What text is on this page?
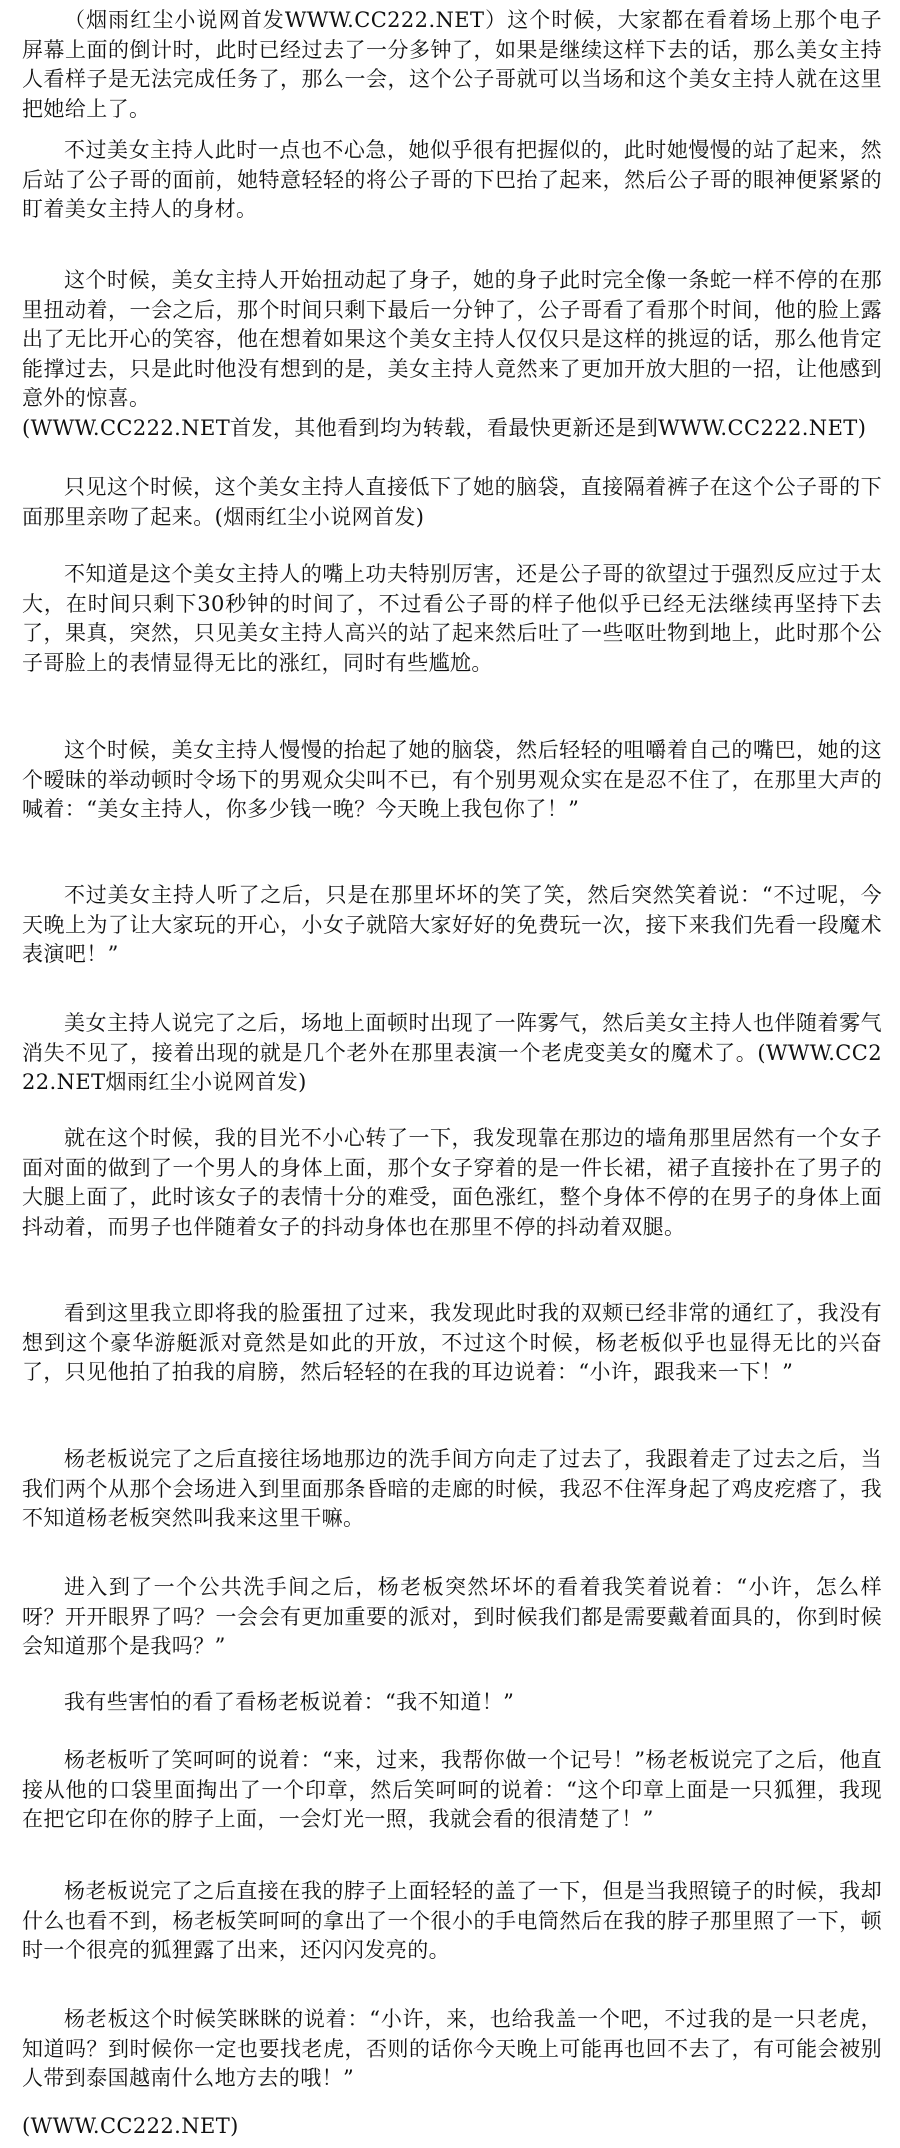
（烟雨红尘小说网首发WWW.CC222.NET）这个时候，大家都在看着场上那个电子屏幕上面的倒计时，此时已经过去了一分多钟了，如果是继续这样下去的话，那么美女主持人看样子是无法完成任务了，那么一会，这个公子哥就可以当场和这个美女主持人就在这里把她给上了。

不过美女主持人此时一点也不心急，她似乎很有把握似的，此时她慢慢的站了起来，然后站了公子哥的面前，她特意轻轻的将公子哥的下巴抬了起来，然后公子哥的眼神便紧紧的盯着美女主持人的身材。

这个时候，美女主持人开始扭动起了身子，她的身子此时完全像一条蛇一样不停的在那里扭动着，一会之后，那个时间只剩下最后一分钟了，公子哥看了看那个时间，他的脸上露出了无比开心的笑容，他在想着如果这个美女主持人仅仅只是这样的挑逗的话，那么他肯定能撑过去，只是此时他没有想到的是，美女主持人竟然来了更加开放大胆的一招，让他感到意外的惊喜。

(WWW.CC222.NET首发，其他看到均为转载，看最快更新还是到WWW.CC222.NET)

只见这个时候，这个美女主持人直接低下了她的脑袋，直接隔着裤子在这个公子哥的下面那里亲吻了起来。(烟雨红尘小说网首发)

不知道是这个美女主持人的嘴上功夫特别厉害，还是公子哥的欲望过于强烈反应过于太大，在时间只剩下30秒钟的时间了，不过看公子哥的样子他似乎已经无法继续再坚持下去了，果真，突然，只见美女主持人高兴的站了起来然后吐了一些呕吐物到地上，此时那个公子哥脸上的表情显得无比的涨红，同时有些尴尬。

这个时候，美女主持人慢慢的抬起了她的脑袋，然后轻轻的咀嚼着自己的嘴巴，她的这个暧昧的举动顿时令场下的男观众尖叫不已，有个别男观众实在是忍不住了，在那里大声的喊着：“美女主持人，你多少钱一晚？今天晚上我包你了！”

不过美女主持人听了之后，只是在那里坏坏的笑了笑，然后突然笑着说：“不过呢，今天晚上为了让大家玩的开心，小女子就陪大家好好的免费玩一次，接下来我们先看一段魔术表演吧！”

美女主持人说完了之后，场地上面顿时出现了一阵雾气，然后美女主持人也伴随着雾气消失不见了，接着出现的就是几个老外在那里表演一个老虎变美女的魔术了。(WWW.CC222.NET烟雨红尘小说网首发)

就在这个时候，我的目光不小心转了一下，我发现靠在那边的墙角那里居然有一个女子面对面的做到了一个男人的身体上面，那个女子穿着的是一件长裙，裙子直接扑在了男子的大腿上面了，此时该女子的表情十分的难受，面色涨红，整个身体不停的在男子的身体上面抖动着，而男子也伴随着女子的抖动身体也在那里不停的抖动着双腿。

看到这里我立即将我的脸蛋扭了过来，我发现此时我的双颊已经非常的通红了，我没有想到这个豪华游艇派对竟然是如此的开放，不过这个时候，杨老板似乎也显得无比的兴奋了，只见他拍了拍我的肩膀，然后轻轻的在我的耳边说着：“小许，跟我来一下！”

杨老板说完了之后直接往场地那边的洗手间方向走了过去了，我跟着走了过去之后，当我们两个从那个会场进入到里面那条昏暗的走廊的时候，我忍不住浑身起了鸡皮疙瘩了，我不知道杨老板突然叫我来这里干嘛。

进入到了一个公共洗手间之后，杨老板突然坏坏的看着我笑着说着：“小许，怎么样呀？开开眼界了吗？一会会有更加重要的派对，到时候我们都是需要戴着面具的，你到时候会知道那个是我吗？”

我有些害怕的看了看杨老板说着：“我不知道！”

杨老板听了笑呵呵的说着：“来，过来，我帮你做一个记号！”杨老板说完了之后，他直接从他的口袋里面掏出了一个印章，然后笑呵呵的说着：“这个印章上面是一只狐狸，我现在把它印在你的脖子上面，一会灯光一照，我就会看的很清楚了！”

杨老板说完了之后直接在我的脖子上面轻轻的盖了一下，但是当我照镜子的时候，我却什么也看不到，杨老板笑呵呵的拿出了一个很小的手电筒然后在我的脖子那里照了一下，顿时一个很亮的狐狸露了出来，还闪闪发亮的。

杨老板这个时候笑眯眯的说着：“小许，来，也给我盖一个吧，不过我的是一只老虎，知道吗？到时候你一定也要找老虎，否则的话你今天晚上可能再也回不去了，有可能会被别人带到泰国越南什么地方去的哦！”

(WWW.CC222.NET)
